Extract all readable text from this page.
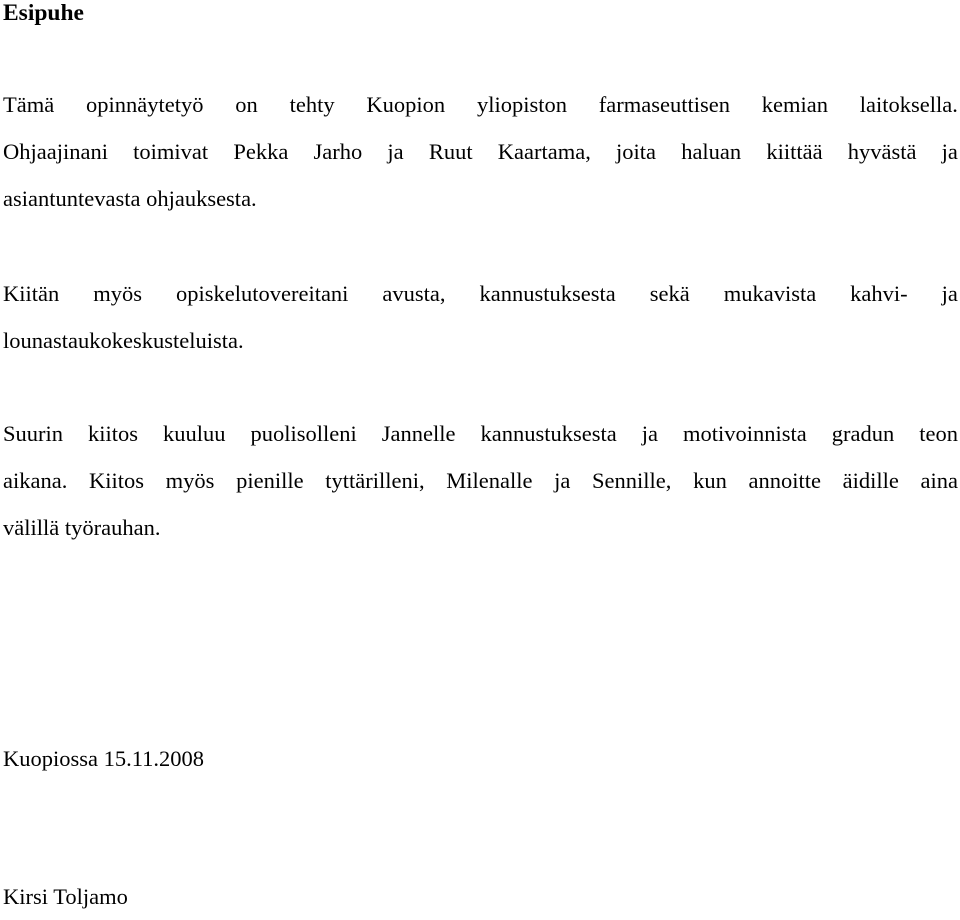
Esipuhe
Tämä opinnäytetyö on tehty Kuopion yliopiston farmaseuttisen kemian laitoksella.
Ohjaajinani toimivat Pekka Jarho ja Ruut Kaartama, joita haluan kiittää hyvästä ja
asiantuntevasta ohjauksesta.
Kiitän myös opiskelutovereitani avusta, kannustuksesta sekä mukavista kahvi- ja
lounastaukokeskusteluista.
Suurin kiitos kuuluu puolisolleni Jannelle kannustuksesta ja motivoinnista gradun teon
aikana. Kiitos myös pienille tyttärilleni, Milenalle ja Sennille, kun annoitte äidille aina
välillä työrauhan.

Kuopiossa 15.11.2008

Kirsi Toljamo
